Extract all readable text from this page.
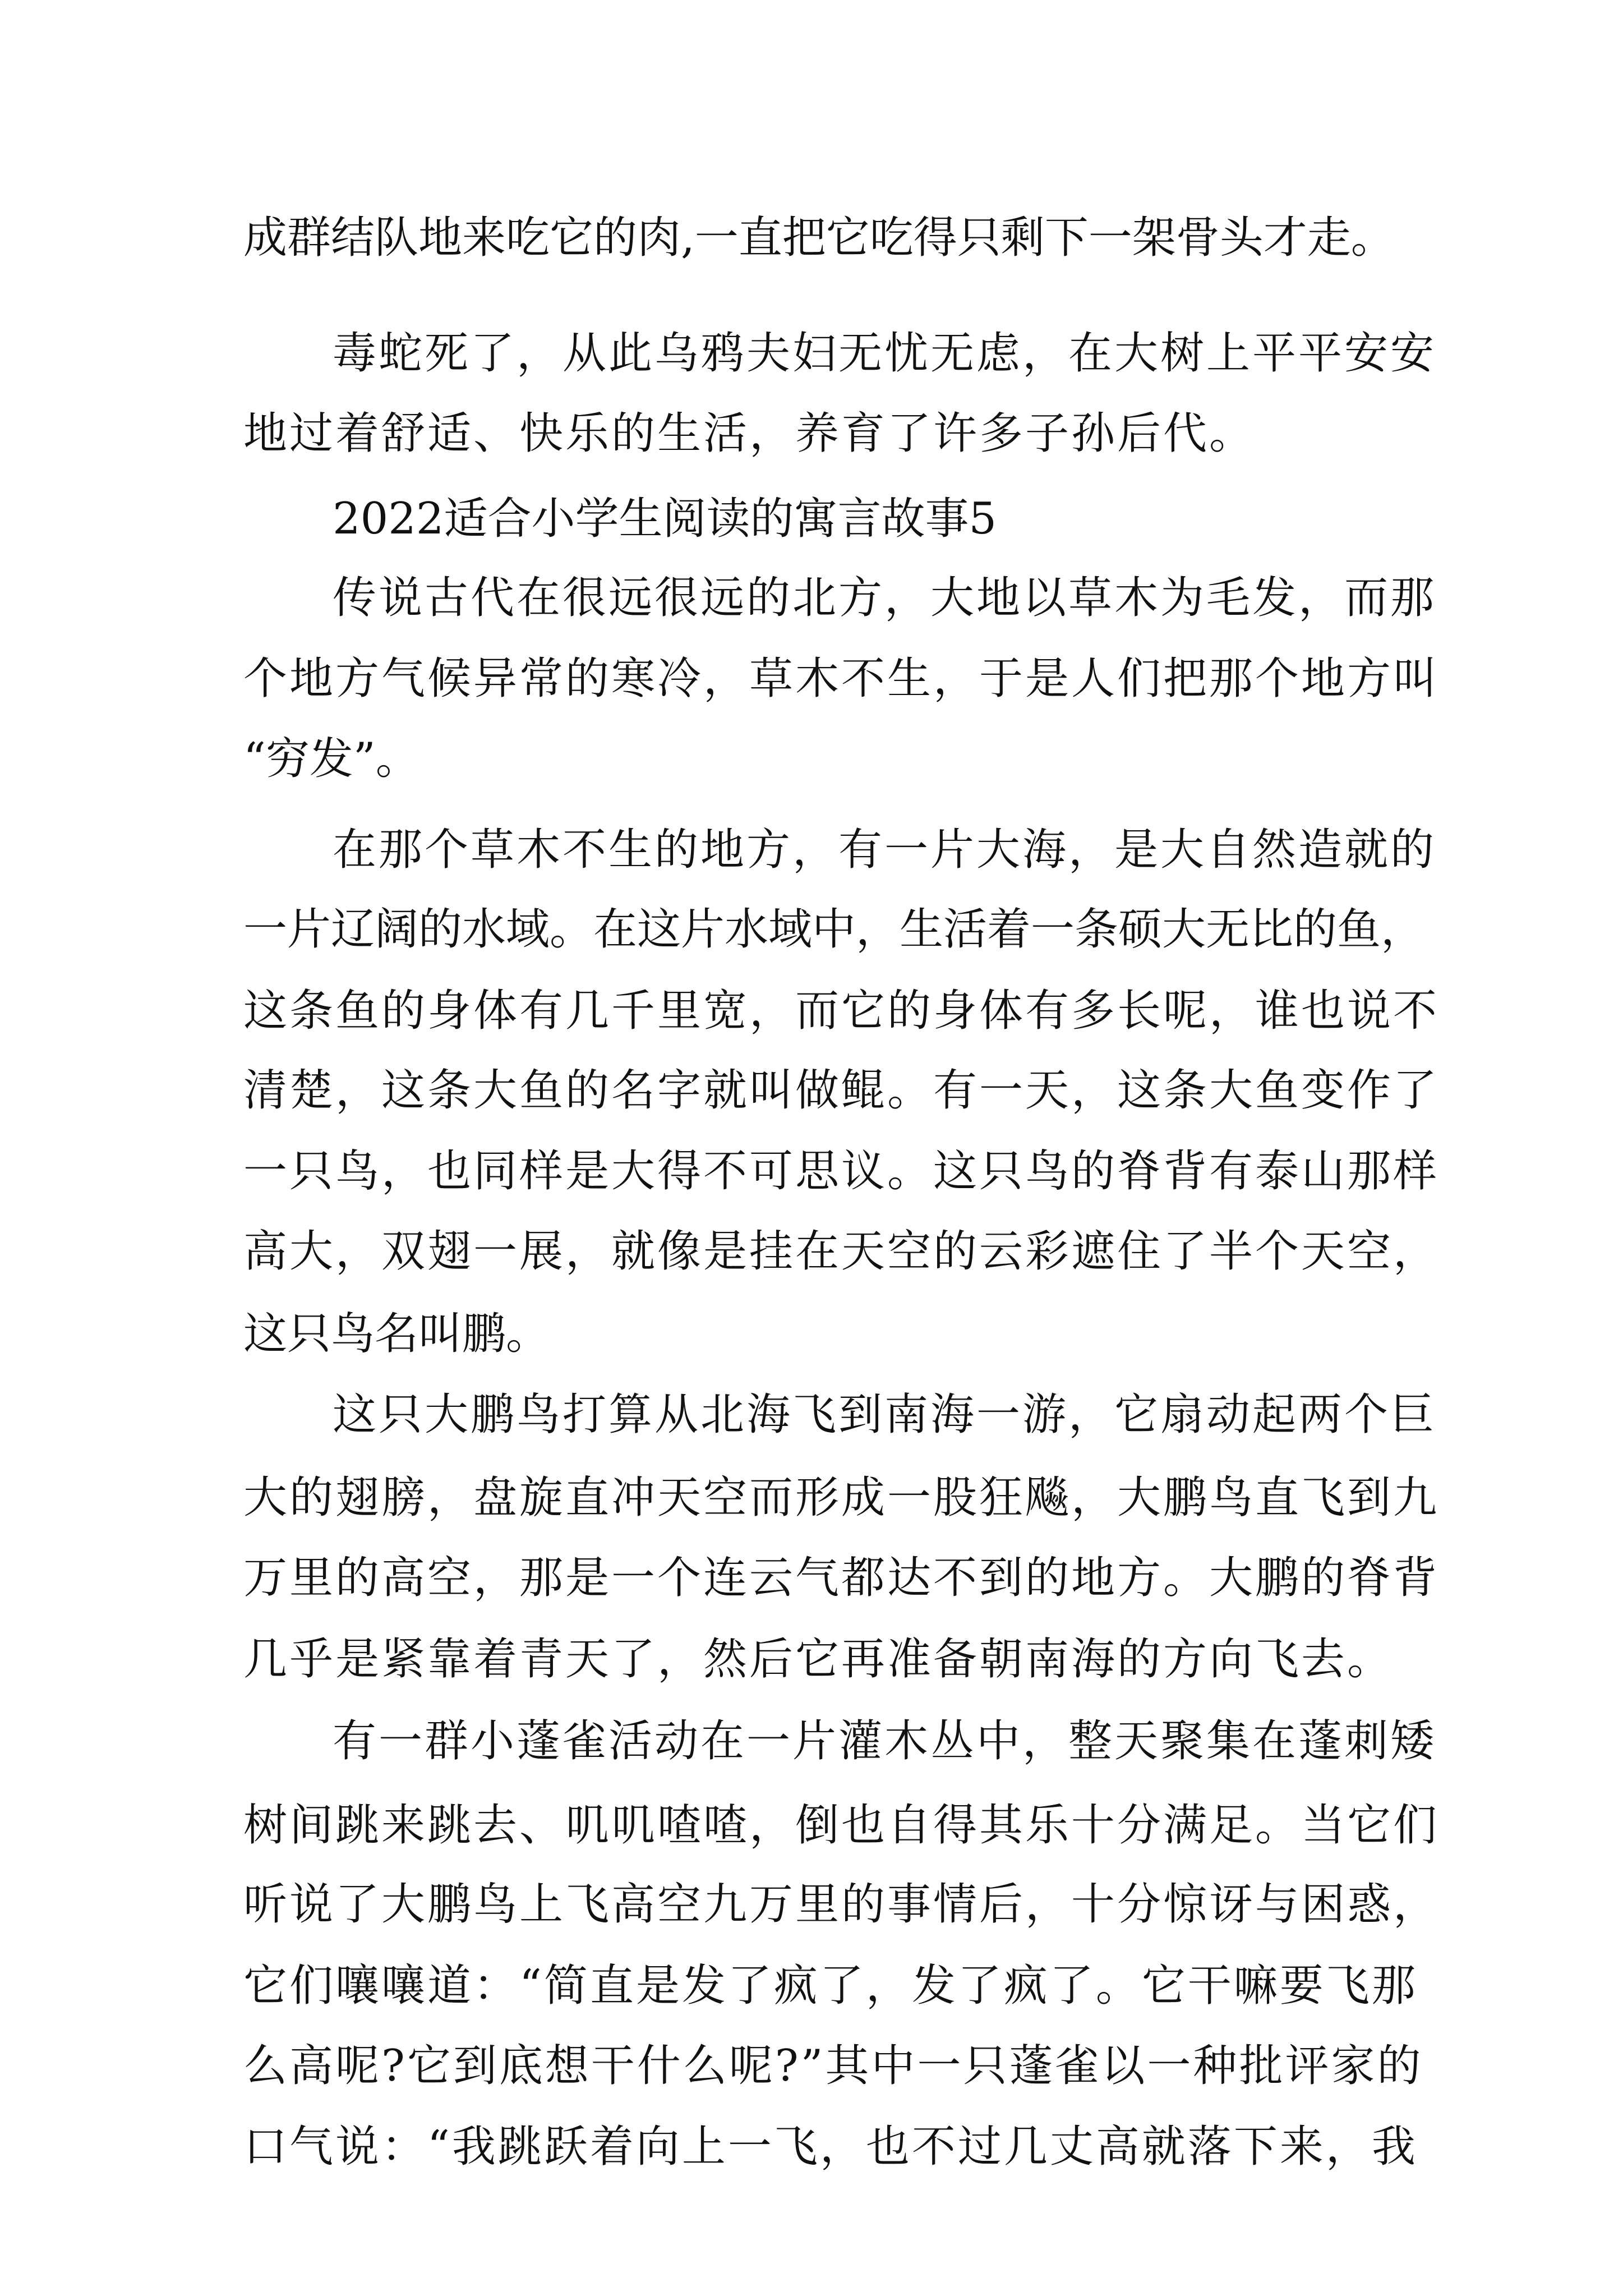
成群结队地来吃它的肉,一直把它吃得只剩下一架骨头才走。
毒蛇死了，从此乌鸦夫妇无忧无虑，在大树上平平安安
地过着舒适、快乐的生活，养育了许多子孙后代。
2022适合小学生阅读的寓言故事5
传说古代在很远很远的北方，大地以草木为毛发，而那
个地方气候异常的寒冷，草木不生，于是人们把那个地方叫
“穷发”。
在那个草木不生的地方，有一片大海，是大自然造就的
一片辽阔的水域。在这片水域中，生活着一条硕大无比的鱼，
这条鱼的身体有几千里宽，而它的身体有多长呢，谁也说不
清楚，这条大鱼的名字就叫做鲲。有一天，这条大鱼变作了
一只鸟，也同样是大得不可思议。这只鸟的脊背有泰山那样
高大，双翅一展，就像是挂在天空的云彩遮住了半个天空，
这只鸟名叫鹏。
这只大鹏鸟打算从北海飞到南海一游，它扇动起两个巨
大的翅膀，盘旋直冲天空而形成一股狂飚，大鹏鸟直飞到九
万里的高空，那是一个连云气都达不到的地方。大鹏的脊背
几乎是紧靠着青天了，然后它再准备朝南海的方向飞去。
有一群小蓬雀活动在一片灌木丛中，整天聚集在蓬刺矮
树间跳来跳去、叽叽喳喳，倒也自得其乐十分满足。当它们
听说了大鹏鸟上飞高空九万里的事情后，十分惊讶与困惑，
它们嚷嚷道：“简直是发了疯了，发了疯了。它干嘛要飞那
么高呢?它到底想干什么呢?”其中一只蓬雀以一种批评家的
口气说：“我跳跃着向上一飞，也不过几丈高就落下来，我
